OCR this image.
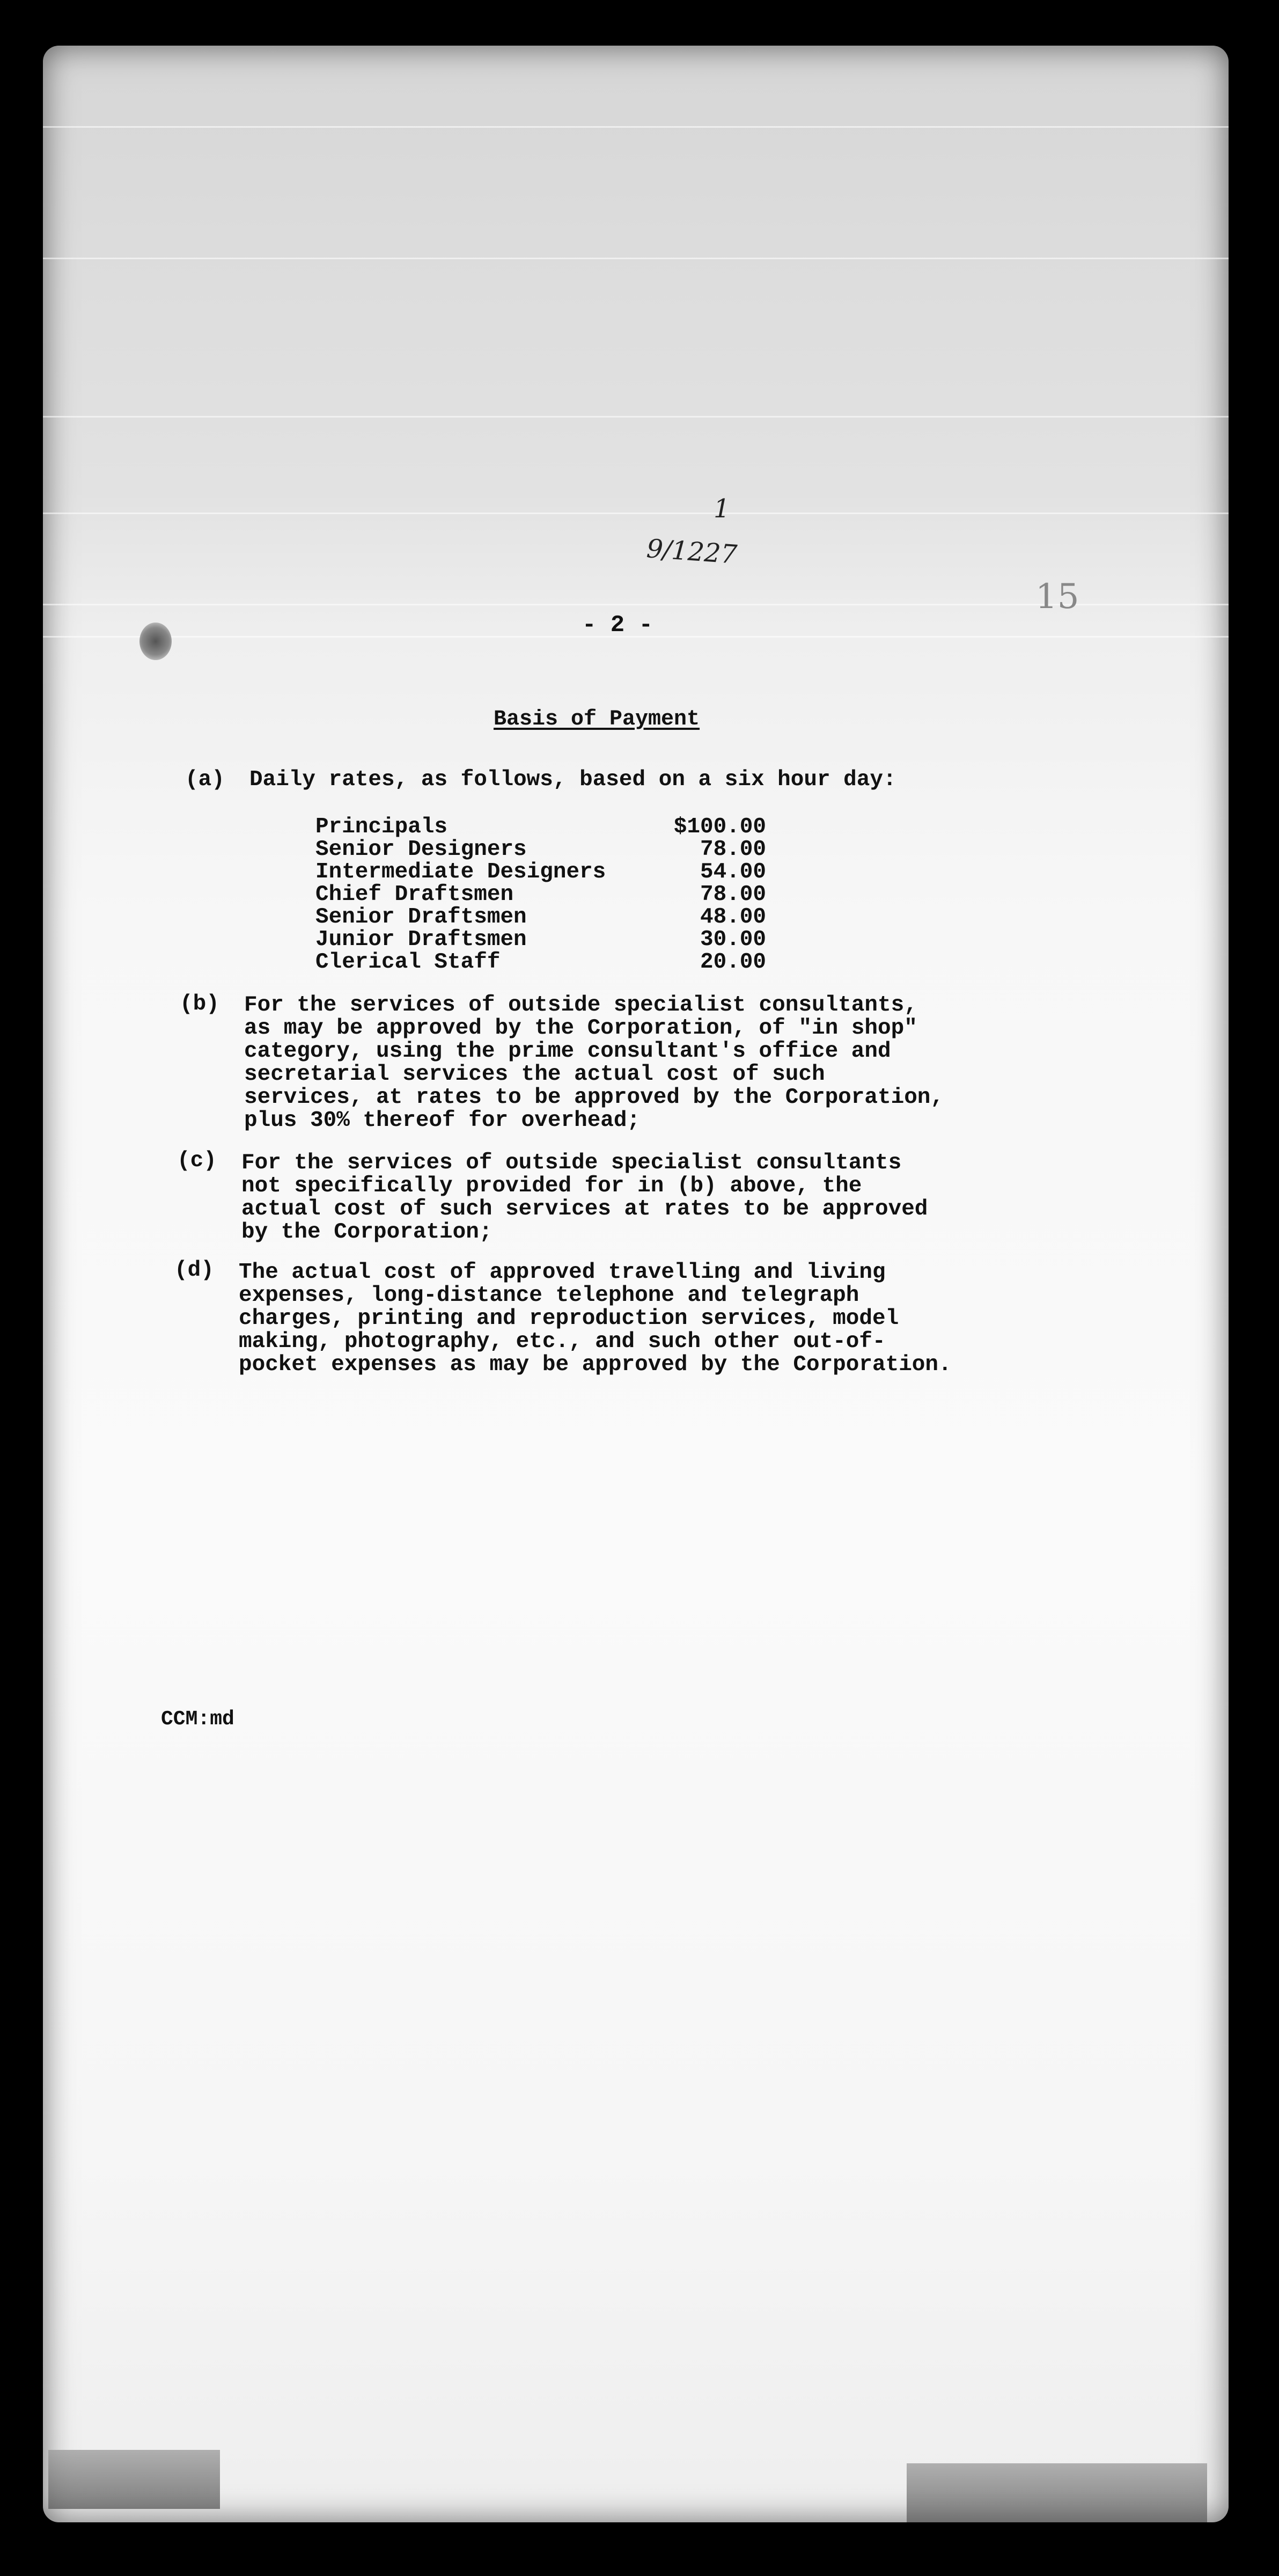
1
9/1227
15
- 2 -
Basis of Payment
(a) Daily rates, as follows, based on a six hour day:
Principals	$100.00
Senior Designers	78.00
Intermediate Designers	54.00
Chief Draftsmen	78.00
Senior Draftsmen	48.00
Junior Draftsmen	30.00
Clerical Staff	20.00
(b) For the services of outside specialist consultants,
as may be approved by the Corporation, of "in shop"
category, using the prime consultant's office and
secretarial services the actual cost of such
services, at rates to be approved by the Corporation,
plus 30% thereof for overhead;
(c) For the services of outside specialist consultants
not specifically provided for in (b) above, the
actual cost of such services at rates to be approved
by the Corporation;
(d) The actual cost of approved travelling and living
expenses, long-distance telephone and telegraph
charges, printing and reproduction services, model
making, photography, etc., and such other out-of-
pocket expenses as may be approved by the Corporation.
CCM:md
